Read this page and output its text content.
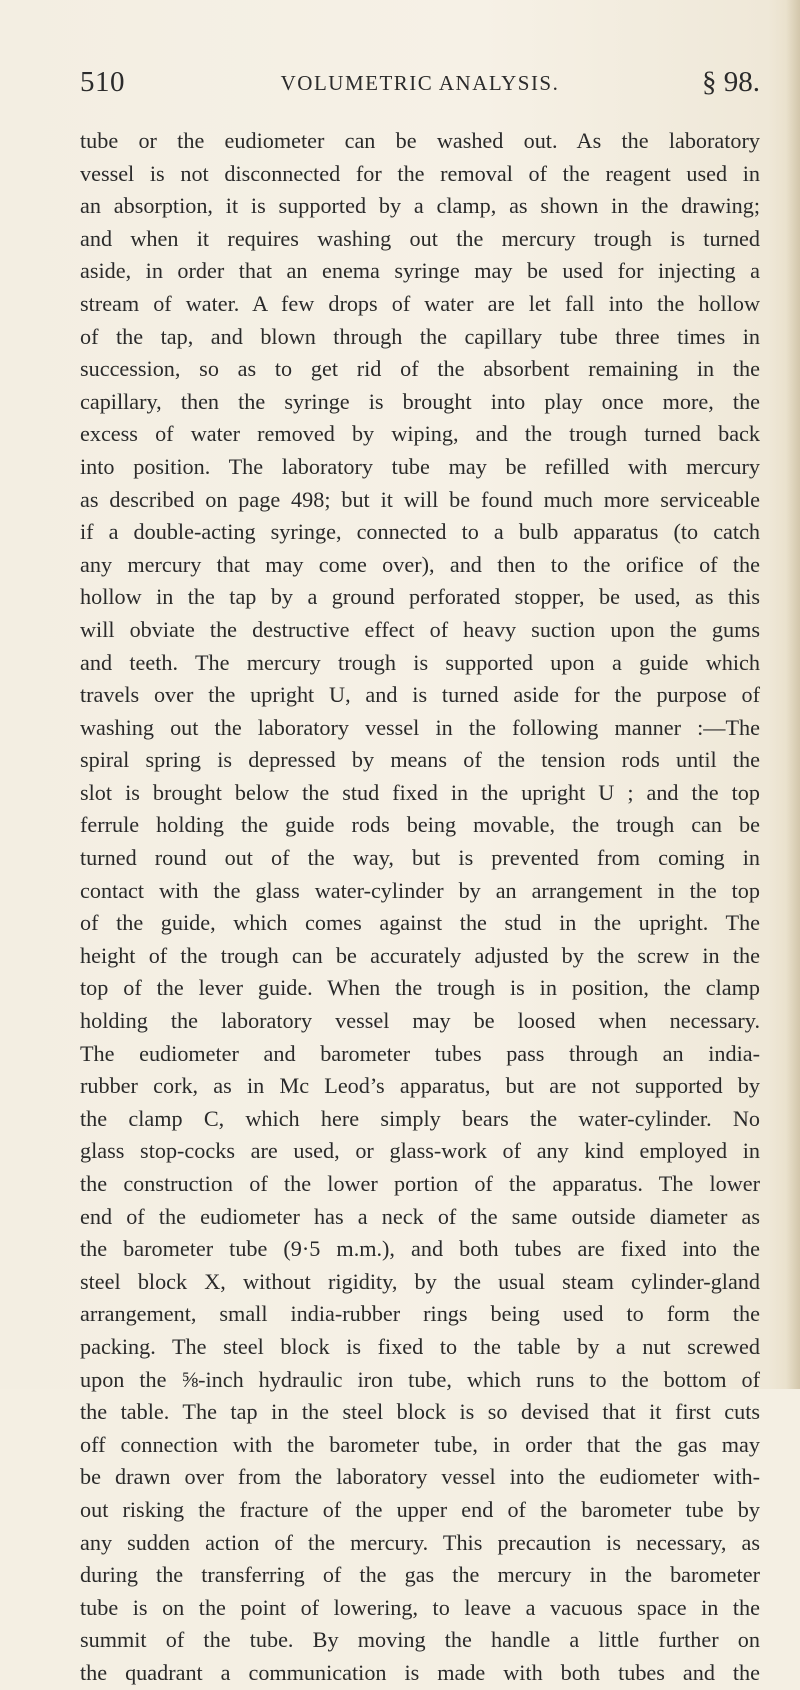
510	VOLUMETRIC ANALYSIS.	§ 98.
tube or the eudiometer can be washed out. As the laboratory
vessel is not disconnected for the removal of the reagent used in
an absorption, it is supported by a clamp, as shown in the drawing;
and when it requires washing out the mercury trough is turned
aside, in order that an enema syringe may be used for injecting a
stream of water. A few drops of water are let fall into the hollow
of the tap, and blown through the capillary tube three times in
succession, so as to get rid of the absorbent remaining in the
capillary, then the syringe is brought into play once more, the
excess of water removed by wiping, and the trough turned back
into position. The laboratory tube may be refilled with mercury
as described on page 498; but it will be found much more serviceable
if a double-acting syringe, connected to a bulb apparatus (to catch
any mercury that may come over), and then to the orifice of the
hollow in the tap by a ground perforated stopper, be used, as this
will obviate the destructive effect of heavy suction upon the gums
and teeth. The mercury trough is supported upon a guide which
travels over the upright U, and is turned aside for the purpose of
washing out the laboratory vessel in the following manner :—The
spiral spring is depressed by means of the tension rods until the
slot is brought below the stud fixed in the upright U ; and the top
ferrule holding the guide rods being movable, the trough can be
turned round out of the way, but is prevented from coming in
contact with the glass water-cylinder by an arrangement in the top
of the guide, which comes against the stud in the upright. The
height of the trough can be accurately adjusted by the screw in the
top of the lever guide. When the trough is in position, the clamp
holding the laboratory vessel may be loosed when necessary.
The eudiometer and barometer tubes pass through an india-
rubber cork, as in Mc Leod’s apparatus, but are not supported by
the clamp C, which here simply bears the water-cylinder. No
glass stop-cocks are used, or glass-work of any kind employed in
the construction of the lower portion of the apparatus. The lower
end of the eudiometer has a neck of the same outside diameter as
the barometer tube (9·5 m.m.), and both tubes are fixed into the
steel block X, without rigidity, by the usual steam cylinder-gland
arrangement, small india-rubber rings being used to form the
packing. The steel block is fixed to the table by a nut screwed
upon the ⅝-inch hydraulic iron tube, which runs to the bottom of
the table. The tap in the steel block is so devised that it first cuts
off connection with the barometer tube, in order that the gas may
be drawn over from the laboratory vessel into the eudiometer with-
out risking the fracture of the upper end of the barometer tube by
any sudden action of the mercury. This precaution is necessary, as
during the transferring of the gas the mercury in the barometer
tube is on the point of lowering, to leave a vacuous space in the
summit of the tube. By moving the handle a little further on
the quadrant a communication is made with both tubes and the
